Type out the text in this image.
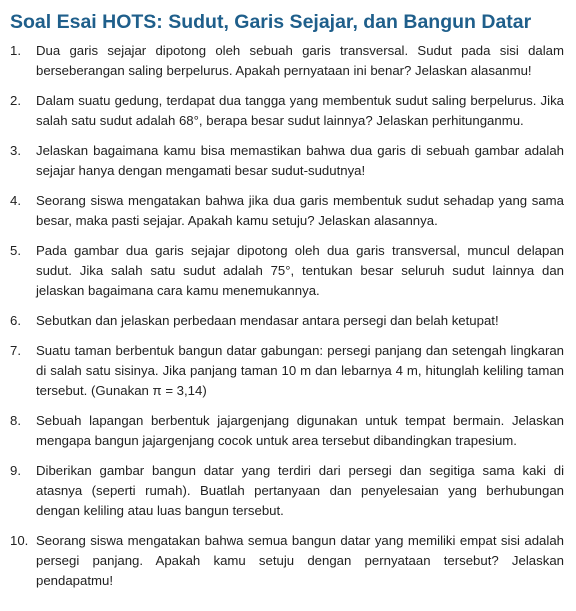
Soal Esai HOTS: Sudut, Garis Sejajar, dan Bangun Datar
1.	Dua garis sejajar dipotong oleh sebuah garis transversal. Sudut pada sisi dalam berseberangan saling berpelurus. Apakah pernyataan ini benar? Jelaskan alasanmu!
2.	Dalam suatu gedung, terdapat dua tangga yang membentuk sudut saling berpelurus. Jika salah satu sudut adalah 68°, berapa besar sudut lainnya? Jelaskan perhitunganmu.
3.	Jelaskan bagaimana kamu bisa memastikan bahwa dua garis di sebuah gambar adalah sejajar hanya dengan mengamati besar sudut-sudutnya!
4.	Seorang siswa mengatakan bahwa jika dua garis membentuk sudut sehadap yang sama besar, maka pasti sejajar. Apakah kamu setuju? Jelaskan alasannya.
5.	Pada gambar dua garis sejajar dipotong oleh dua garis transversal, muncul delapan sudut. Jika salah satu sudut adalah 75°, tentukan besar seluruh sudut lainnya dan jelaskan bagaimana cara kamu menemukannya.
6.	Sebutkan dan jelaskan perbedaan mendasar antara persegi dan belah ketupat!
7.	Suatu taman berbentuk bangun datar gabungan: persegi panjang dan setengah lingkaran di salah satu sisinya. Jika panjang taman 10 m dan lebarnya 4 m, hitunglah keliling taman tersebut. (Gunakan π = 3,14)
8.	Sebuah lapangan berbentuk jajargenjang digunakan untuk tempat bermain. Jelaskan mengapa bangun jajargenjang cocok untuk area tersebut dibandingkan trapesium.
9.	Diberikan gambar bangun datar yang terdiri dari persegi dan segitiga sama kaki di atasnya (seperti rumah). Buatlah pertanyaan dan penyelesaian yang berhubungan dengan keliling atau luas bangun tersebut.
10. Seorang siswa mengatakan bahwa semua bangun datar yang memiliki empat sisi adalah persegi panjang. Apakah kamu setuju dengan pernyataan tersebut? Jelaskan pendapatmu!
